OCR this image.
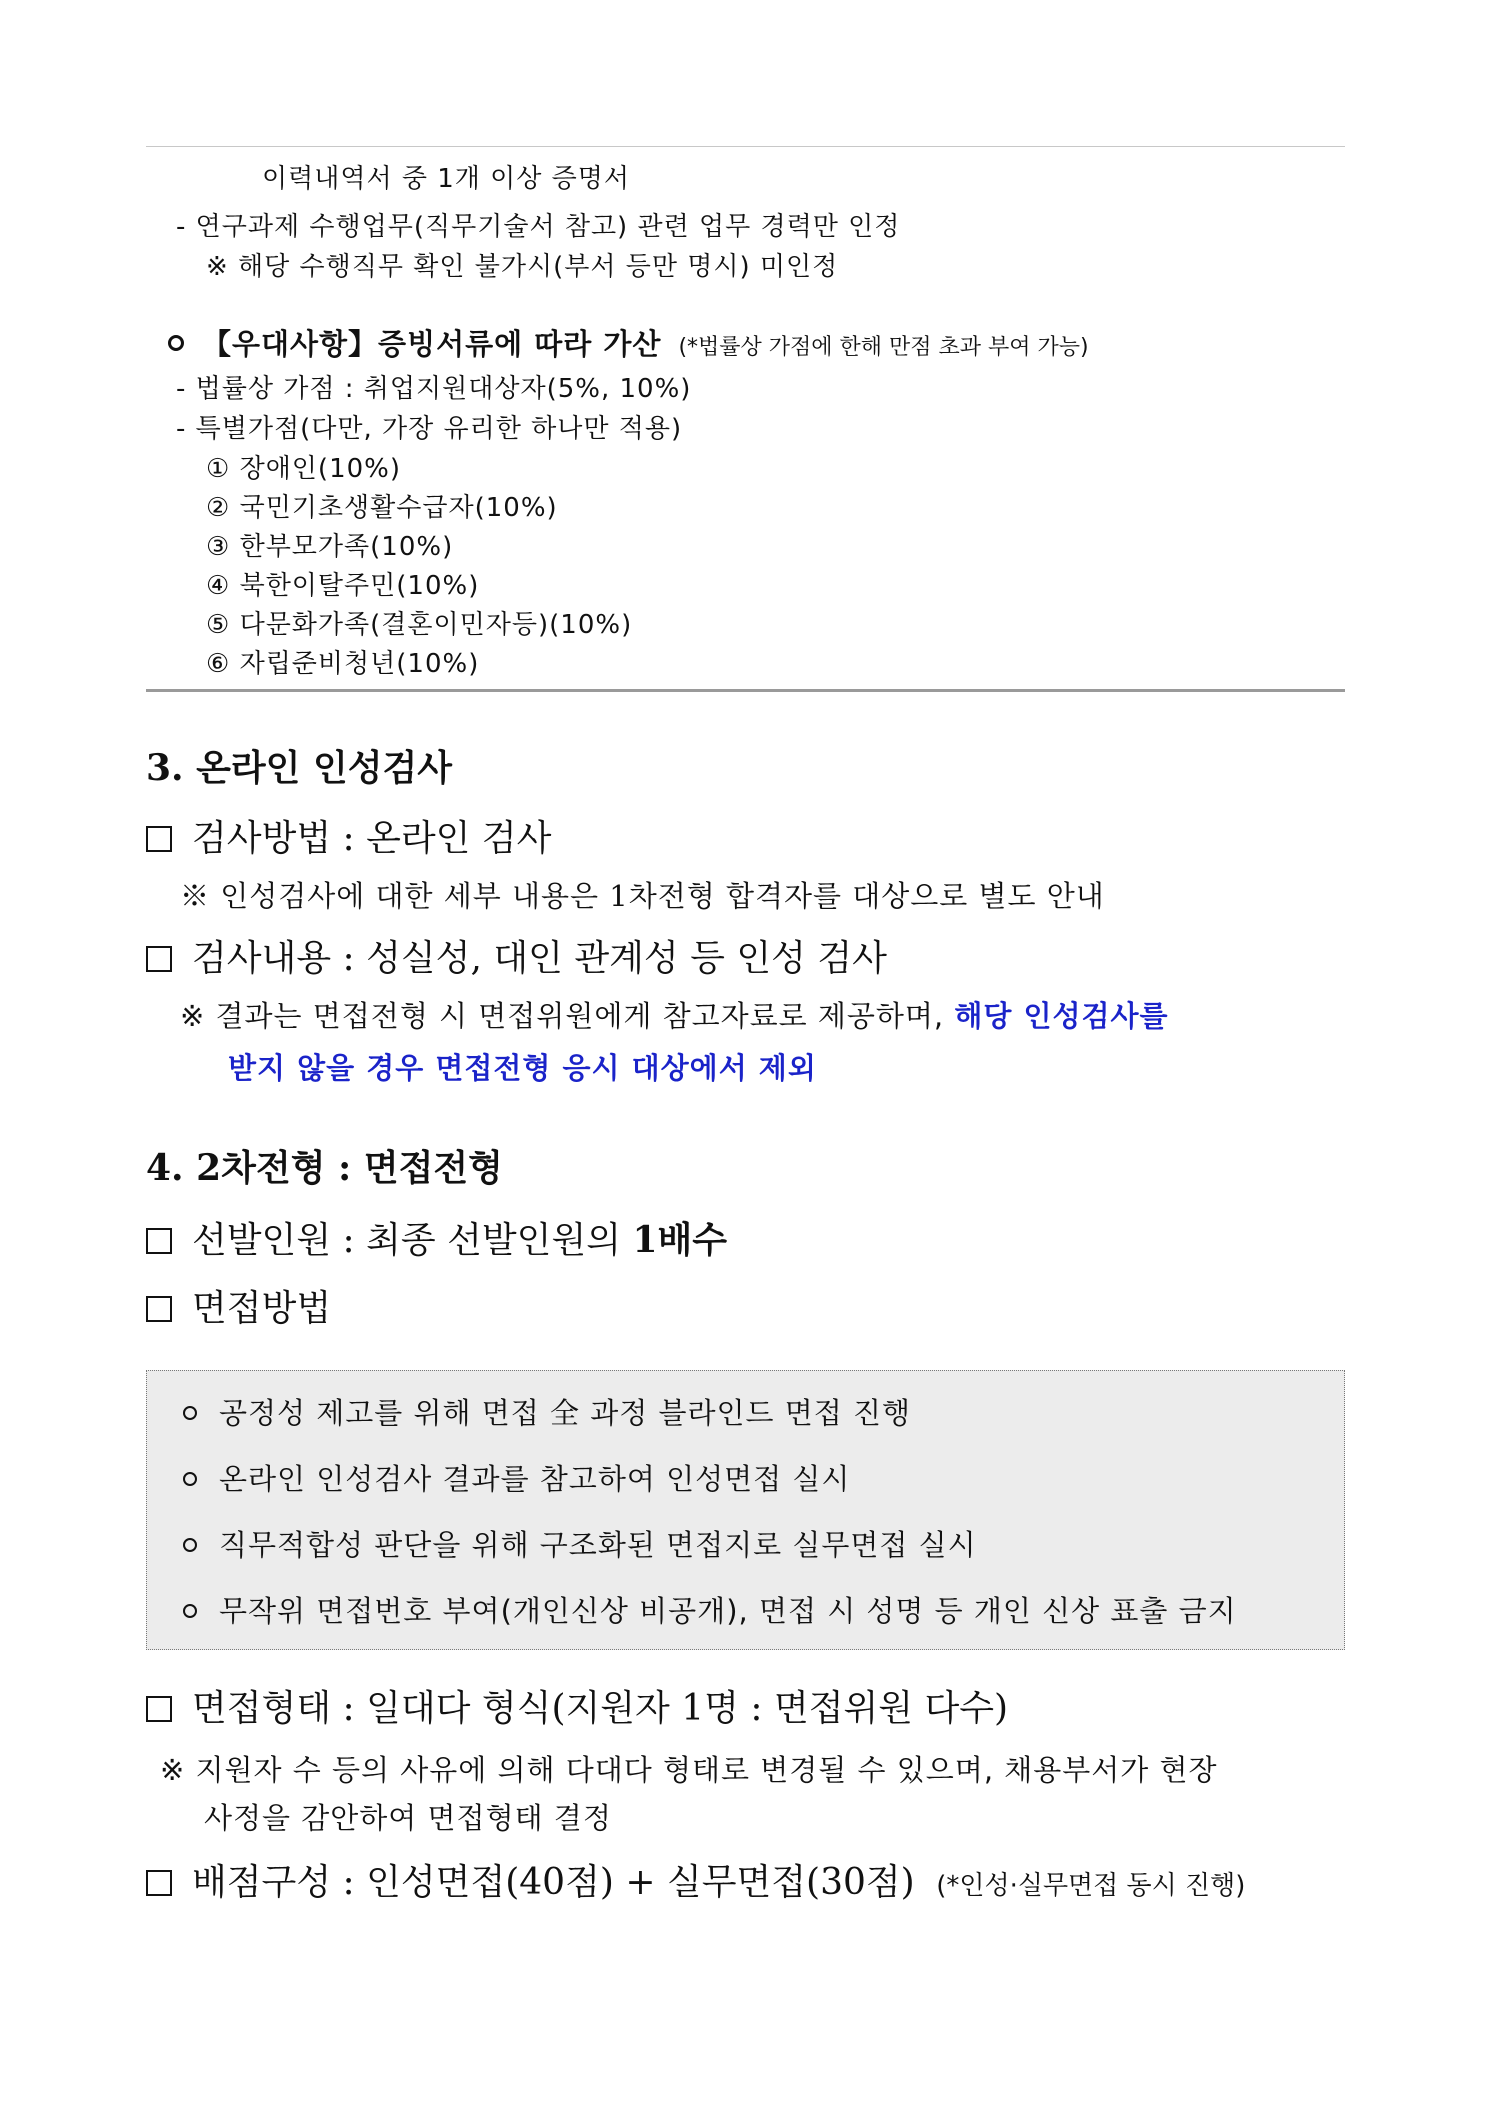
이력내역서 중 1개 이상 증명서
- 연구과제 수행업무(직무기술서 참고) 관련 업무 경력만 인정
※ 해당 수행직무 확인 불가시(부서 등만 명시) 미인정
【우대사항】증빙서류에 따라 가산 (*법률상 가점에 한해 만점 초과 부여 가능)
- 법률상 가점 : 취업지원대상자(5%, 10%)
- 특별가점(다만, 가장 유리한 하나만 적용)
① 장애인(10%)
② 국민기초생활수급자(10%)
③ 한부모가족(10%)
④ 북한이탈주민(10%)
⑤ 다문화가족(결혼이민자등)(10%)
⑥ 자립준비청년(10%)
3. 온라인 인성검사
검사방법 : 온라인 검사
※ 인성검사에 대한 세부 내용은 1차전형 합격자를 대상으로 별도 안내
검사내용 : 성실성, 대인 관계성 등 인성 검사
※ 결과는 면접전형 시 면접위원에게 참고자료로 제공하며, 해당 인성검사를
받지 않을 경우 면접전형 응시 대상에서 제외
4. 2차전형 : 면접전형
선발인원 : 최종 선발인원의 1배수
면접방법
공정성 제고를 위해 면접 全 과정 블라인드 면접 진행
온라인 인성검사 결과를 참고하여 인성면접 실시
직무적합성 판단을 위해 구조화된 면접지로 실무면접 실시
무작위 면접번호 부여(개인신상 비공개), 면접 시 성명 등 개인 신상 표출 금지
면접형태 : 일대다 형식(지원자 1명 : 면접위원 다수)
※ 지원자 수 등의 사유에 의해 다대다 형태로 변경될 수 있으며, 채용부서가 현장
사정을 감안하여 면접형태 결정
배점구성 : 인성면접(40점) + 실무면접(30점) (*인성·실무면접 동시 진행)
